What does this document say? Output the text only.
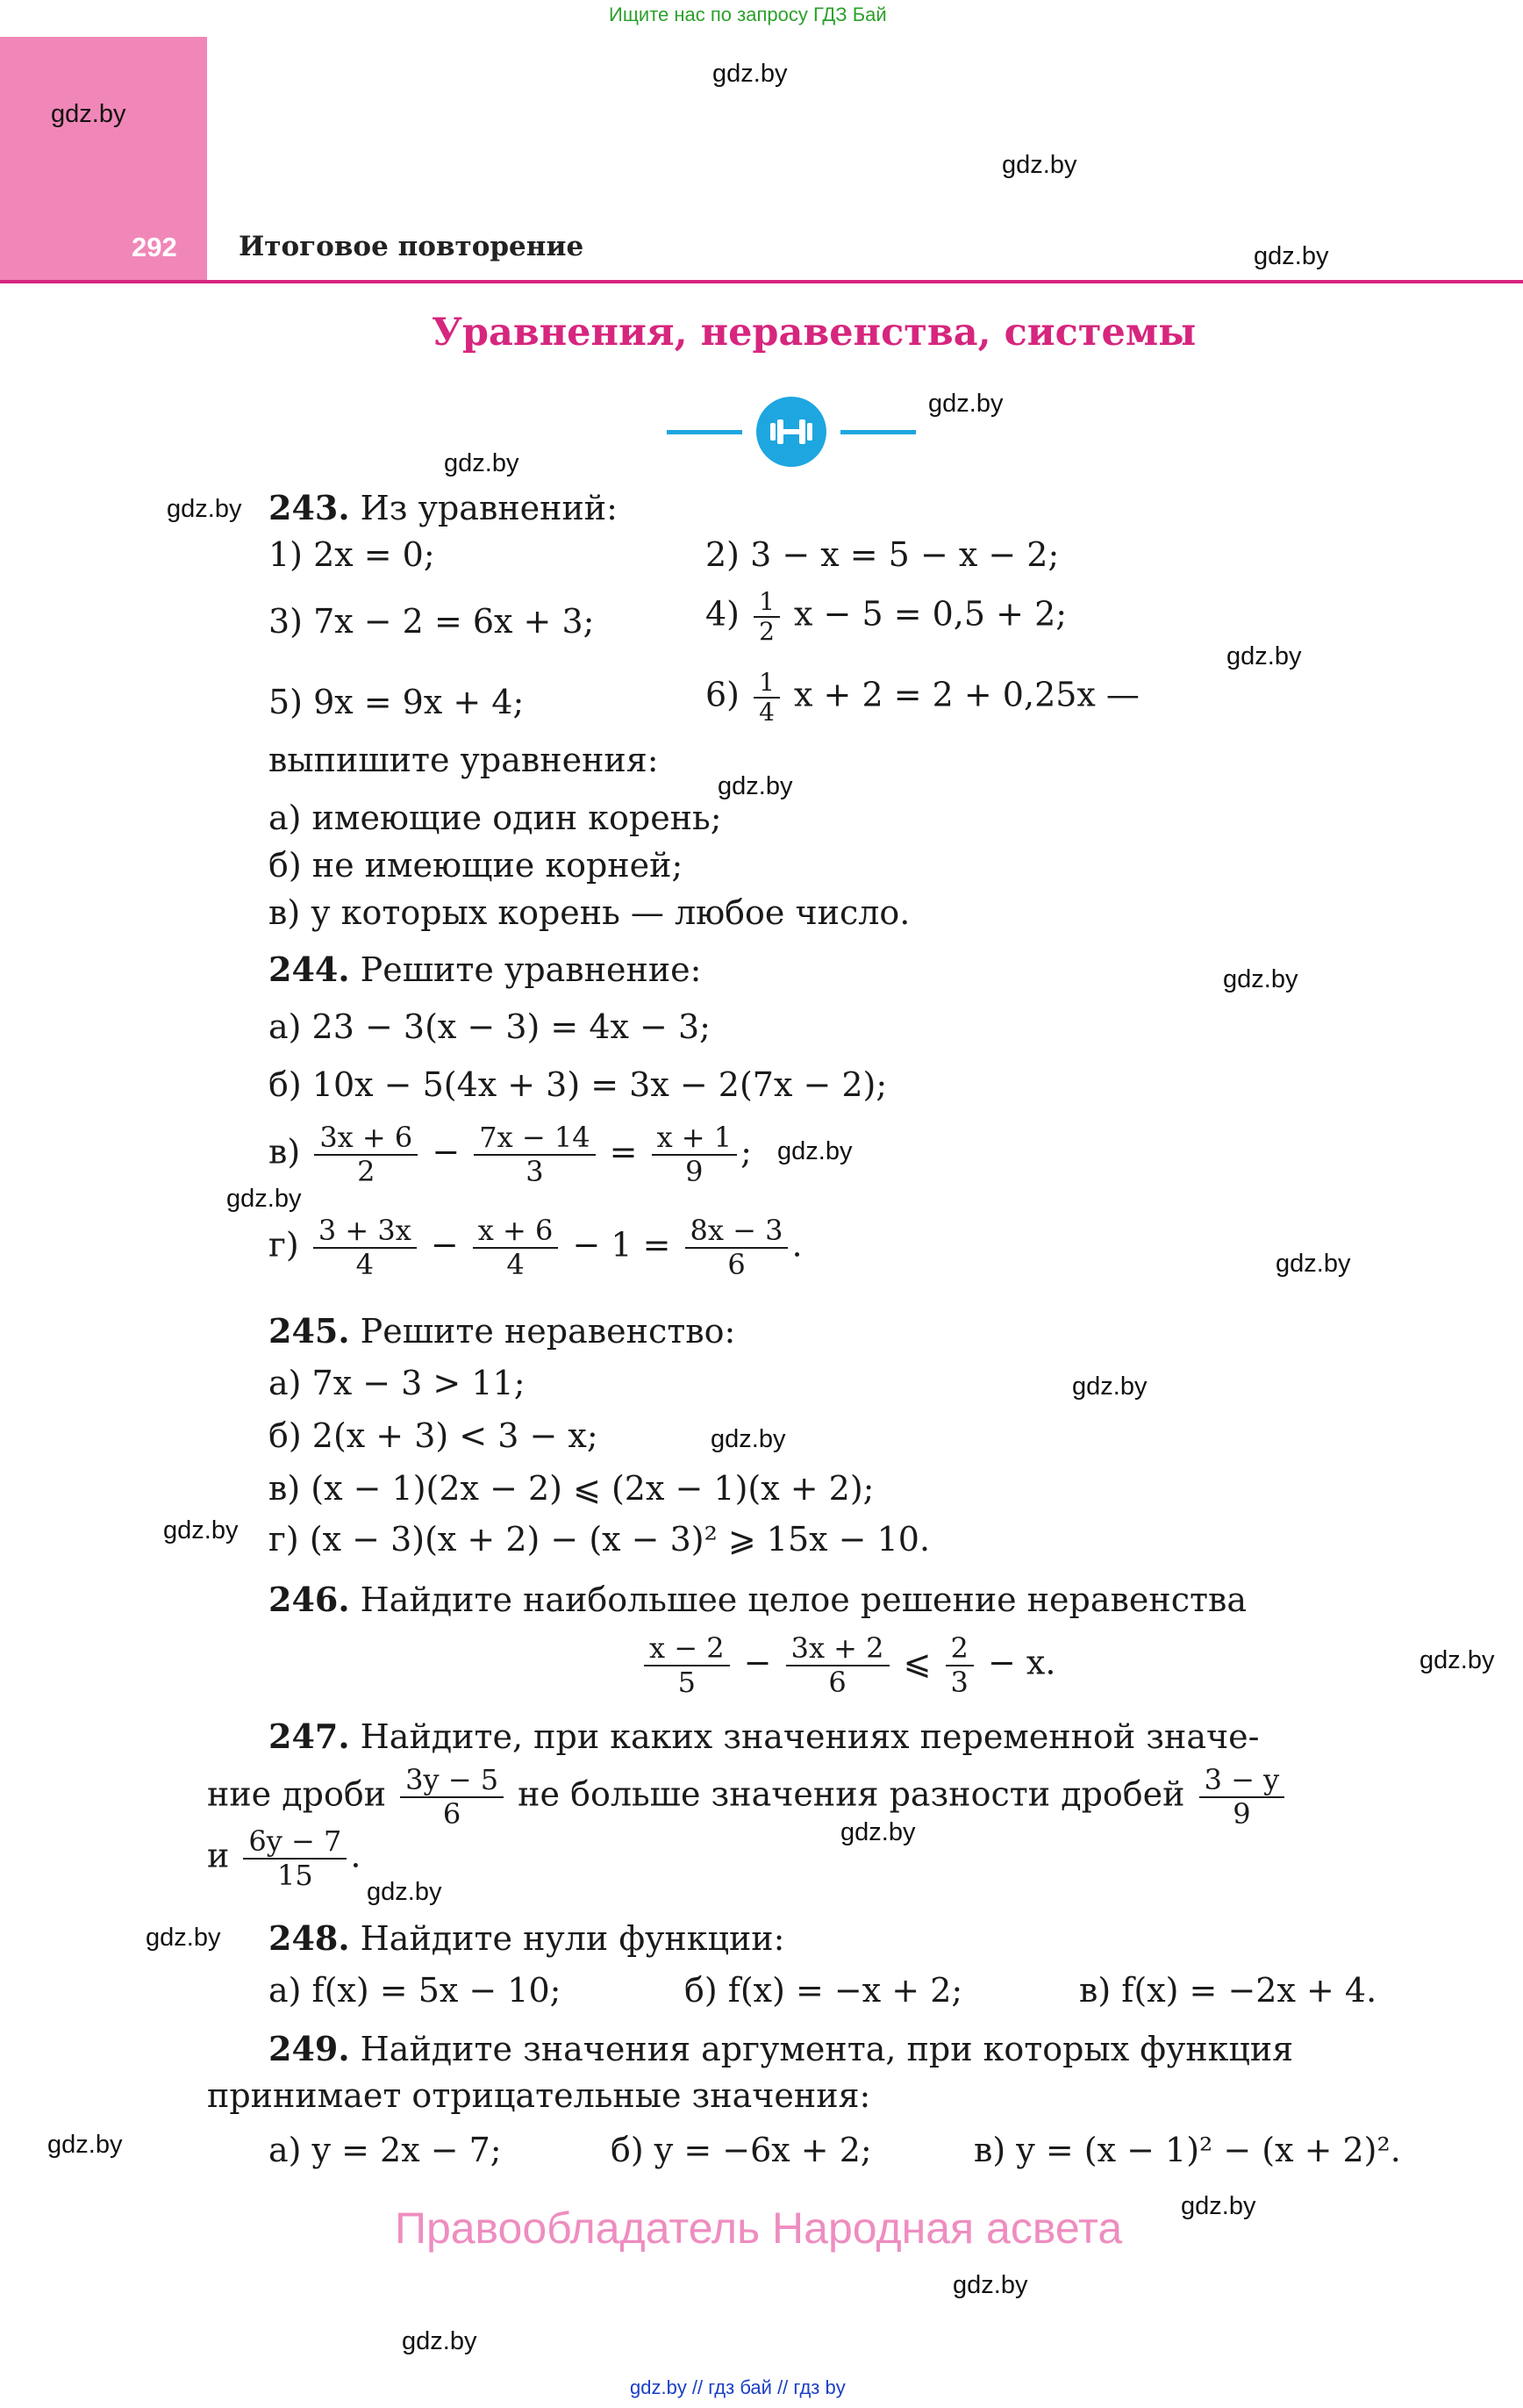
Ищите нас по запросу ГДЗ Бай
292 Итоговое повторение
gdz.by
gdz.by
gdz.by
gdz.by
gdz.by
gdz.by
gdz.by
gdz.by
gdz.by
gdz.by
gdz.by
gdz.by
gdz.by
gdz.by
gdz.by
gdz.by
gdz.by
gdz.by
gdz.by
gdz.by
gdz.by
gdz.by
gdz.by
gdz.by
Уравнения, неравенства, системы
243. Из уравнений:
1) 2x = 0;	2) 3 − x = 5 − x − 2;
3) 7x − 2 = 6x + 3;	$4) \frac{1}{2}$ x − 5 = 0,5 + 2;
5) 9x = 9x + 4;	$6) \frac{1}{4}$ x + 2 = 2 + 0,25x —
выпишите уравнения:
а) имеющие один корень;
б) не имеющие корней;
в) у которых корень — любое число.
244. Решите уравнение:
а) 23 − 3(x − 3) = 4x − 3;
б) 10x − 5(4x + 3) = 3x − 2(7x − 2);
$в) \frac{3x + 6}{2} - \frac{7x - 14}{3} = \frac{x + 1}{9}$ ;
$г) \frac{3 + 3x}{4} - \frac{x + 6}{4} - 1 = \frac{8x - 3}{6}$ .
245. Решите неравенство:
а) 7x − 3 > 11;
б) 2(x + 3) < 3 − x;
в) (x − 1)(2x − 2) ⩽ (2x − 1)(x + 2);
г) (x − 3)(x + 2) − (x − 3)² ⩾ 15x − 10.
246. Найдите наибольшее целое решение неравенства
$\frac{x - 2}{5} - \frac{3x + 2}{6}$ ⩽ $\frac{2}{3} - x$.
247. Найдите, при каких значениях переменной значе-
ние дроби $\frac{3y - 5}{6}$ не больше значения разности дробей $\frac{3 - y}{9}$
и $\frac{6y - 7}{15}$ .
248. Найдите нули функции:
а) f(x) = 5x − 10;	б) f(x) = −x + 2;	в) f(x) = −2x + 4.
249. Найдите значения аргумента, при которых функция
принимает отрицательные значения:
а) y = 2x − 7;	б) y = −6x + 2;	в) y = (x − 1)² − (x + 2)².
Правообладатель Народная асвета
gdz.by // гдз бай // гдз by
